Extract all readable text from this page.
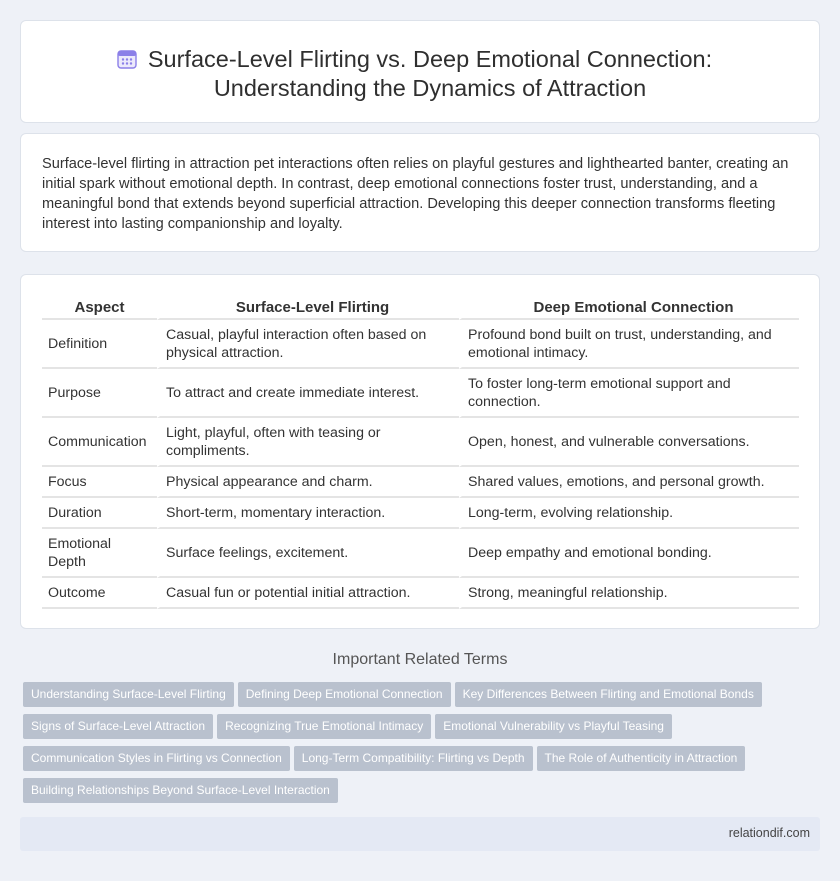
Surface-Level Flirting vs. Deep Emotional Connection:
Understanding the Dynamics of Attraction

Surface-level flirting in attraction pet interactions often relies on playful gestures and lighthearted banter, creating an initial spark without emotional depth. In contrast, deep emotional connections foster trust, understanding, and a meaningful bond that extends beyond superficial attraction. Developing this deeper connection transforms fleeting interest into lasting companionship and loyalty.

Aspect	Surface-Level Flirting	Deep Emotional Connection
Definition	Casual, playful interaction often based on physical attraction.	Profound bond built on trust, understanding, and emotional intimacy.
Purpose	To attract and create immediate interest.	To foster long-term emotional support and connection.
Communication	Light, playful, often with teasing or compliments.	Open, honest, and vulnerable conversations.
Focus	Physical appearance and charm.	Shared values, emotions, and personal growth.
Duration	Short-term, momentary interaction.	Long-term, evolving relationship.
Emotional Depth	Surface feelings, excitement.	Deep empathy and emotional bonding.
Outcome	Casual fun or potential initial attraction.	Strong, meaningful relationship.
Important Related Terms
Understanding Surface-Level Flirting Defining Deep Emotional Connection Key Differences Between Flirting and Emotional Bonds
Signs of Surface-Level Attraction Recognizing True Emotional Intimacy Emotional Vulnerability vs Playful Teasing
Communication Styles in Flirting vs Connection Long-Term Compatibility: Flirting vs Depth The Role of Authenticity in Attraction
Building Relationships Beyond Surface-Level Interaction
relationdif.com
